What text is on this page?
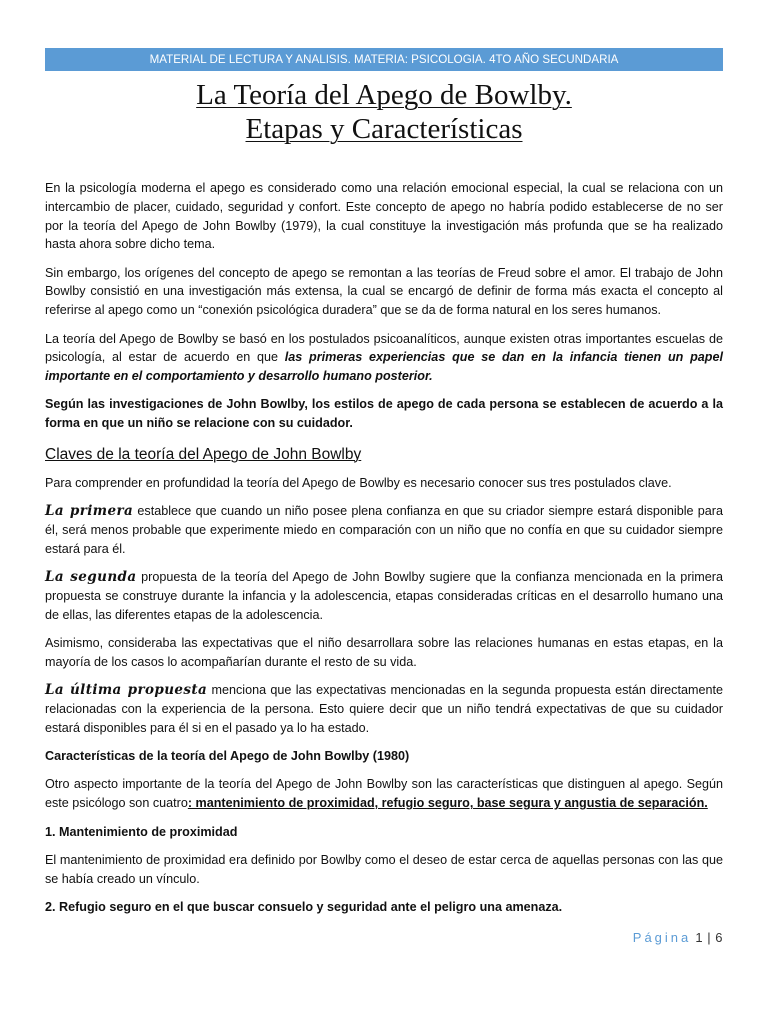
MATERIAL DE LECTURA Y ANALISIS. MATERIA: PSICOLOGIA. 4TO AÑO SECUNDARIA
La Teoría del Apego de Bowlby.
Etapas y Características

En la psicología moderna el apego es considerado como una relación emocional especial, la cual se relaciona con un intercambio de placer, cuidado, seguridad y confort. Este concepto de apego no habría podido establecerse de no ser por la teoría del Apego de John Bowlby (1979), la cual constituye la investigación más profunda que se ha realizado hasta ahora sobre dicho tema.

Sin embargo, los orígenes del concepto de apego se remontan a las teorías de Freud sobre el amor. El trabajo de John Bowlby consistió en una investigación más extensa, la cual se encargó de definir de forma más exacta el concepto al referirse al apego como un “conexión psicológica duradera” que se da de forma natural en los seres humanos.

La teoría del Apego de Bowlby se basó en los postulados psicoanalíticos, aunque existen otras importantes escuelas de psicología, al estar de acuerdo en que las primeras experiencias que se dan en la infancia tienen un papel importante en el comportamiento y desarrollo humano posterior.

Según las investigaciones de John Bowlby, los estilos de apego de cada persona se establecen de acuerdo a la forma en que un niño se relacione con su cuidador.

Claves de la teoría del Apego de John Bowlby

Para comprender en profundidad la teoría del Apego de Bowlby es necesario conocer sus tres postulados clave.

La primera establece que cuando un niño posee plena confianza en que su criador siempre estará disponible para él, será menos probable que experimente miedo en comparación con un niño que no confía en que su cuidador siempre estará para él.

La segunda propuesta de la teoría del Apego de John Bowlby sugiere que la confianza mencionada en la primera propuesta se construye durante la infancia y la adolescencia, etapas consideradas críticas en el desarrollo humano una de ellas, las diferentes etapas de la adolescencia.

Asimismo, consideraba las expectativas que el niño desarrollara sobre las relaciones humanas en estas etapas, en la mayoría de los casos lo acompañarían durante el resto de su vida.

La última propuesta menciona que las expectativas mencionadas en la segunda propuesta están directamente relacionadas con la experiencia de la persona. Esto quiere decir que un niño tendrá expectativas de que su cuidador estará disponibles para él si en el pasado ya lo ha estado.

Características de la teoría del Apego de John Bowlby (1980)

Otro aspecto importante de la teoría del Apego de John Bowlby son las características que distinguen al apego. Según este psicólogo son cuatro: mantenimiento de proximidad, refugio seguro, base segura y angustia de separación.

1. Mantenimiento de proximidad

El mantenimiento de proximidad era definido por Bowlby como el deseo de estar cerca de aquellas personas con las que se había creado un vínculo.

2. Refugio seguro en el que buscar consuelo y seguridad ante el peligro una amenaza.

Página 1 | 6
